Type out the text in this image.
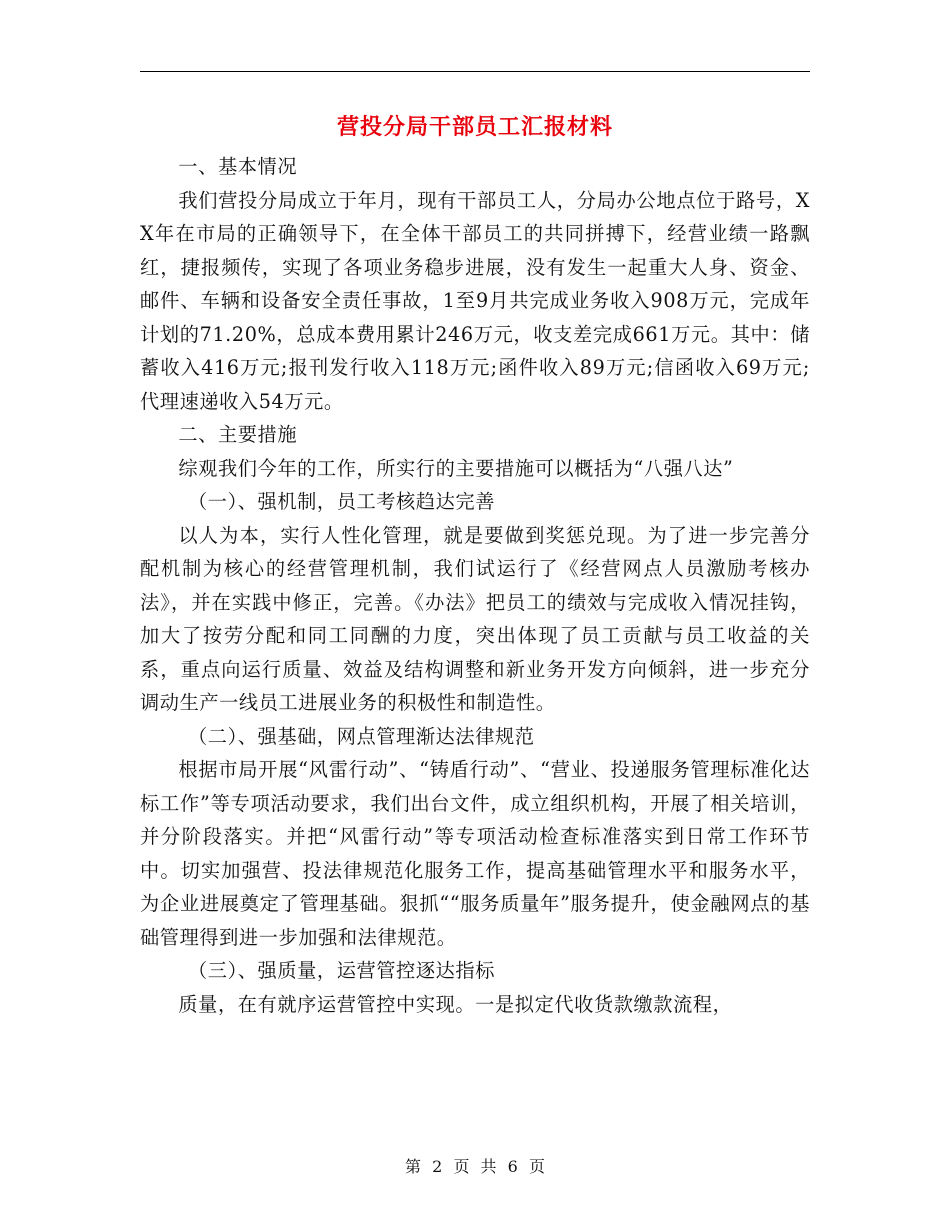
营投分局干部员工汇报材料

一、基本情况

我们营投分局成立于年月，现有干部员工人，分局办公地点位于路号，XX年在市局的正确领导下，在全体干部员工的共同拼搏下，经营业绩一路飘红，捷报频传，实现了各项业务稳步进展，没有发生一起重大人身、资金、邮件、车辆和设备安全责任事故，1至9月共完成业务收入908万元，完成年计划的71.20%，总成本费用累计246万元，收支差完成661万元。其中：储蓄收入416万元;报刊发行收入118万元;函件收入89万元;信函收入69万元;代理速递收入54万元。

二、主要措施

综观我们今年的工作，所实行的主要措施可以概括为“八强八达”

（一）、强机制，员工考核趋达完善

以人为本，实行人性化管理，就是要做到奖惩兑现。为了进一步完善分配机制为核心的经营管理机制，我们试运行了《经营网点人员激励考核办法》，并在实践中修正，完善。《办法》把员工的绩效与完成收入情况挂钩，加大了按劳分配和同工同酬的力度，突出体现了员工贡献与员工收益的关系，重点向运行质量、效益及结构调整和新业务开发方向倾斜，进一步充分调动生产一线员工进展业务的积极性和制造性。

（二）、强基础，网点管理渐达法律规范

根据市局开展“风雷行动”、“铸盾行动”、“营业、投递服务管理标准化达标工作”等专项活动要求，我们出台文件，成立组织机构，开展了相关培训，并分阶段落实。并把“风雷行动”等专项活动检查标准落实到日常工作环节中。切实加强营、投法律规范化服务工作，提高基础管理水平和服务水平，为企业进展奠定了管理基础。狠抓““服务质量年”服务提升，使金融网点的基础管理得到进一步加强和法律规范。

（三）、强质量，运营管控逐达指标

质量，在有就序运营管控中实现。一是拟定代收货款缴款流程，

第 2 页 共 6 页
